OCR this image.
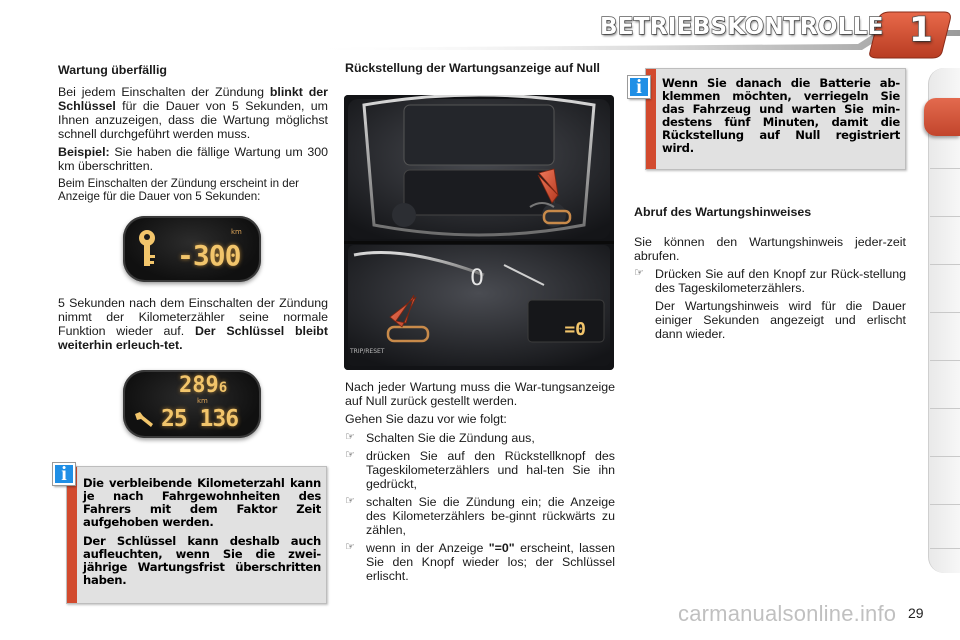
BETRIEBSKONTROLLE 1
Wartung überfällig
Bei jedem Einschalten der Zündung blinkt der Schlüssel für die Dauer von 5 Sekunden, um Ihnen anzuzeigen, dass die Wartung möglichst schnell durchgeführt werden muss.
Beispiel: Sie haben die fällige Wartung um 300 km überschritten.
Beim Einschalten der Zündung erscheint in der Anzeige für die Dauer von 5 Sekunden:
km
-300
5 Sekunden nach dem Einschalten der Zündung nimmt der Kilometerzähler seine normale Funktion wieder auf. Der Schlüssel bleibt weiterhin erleuch-tet.
2896
km
25 136

Die verbleibende Kilometerzahl kann je nach Fahrgewohnheiten des Fahrers mit dem Faktor Zeit aufgehoben werden.

Der Schlüssel kann deshalb auch aufleuchten, wenn Sie die zwei-jährige Wartungsfrist überschritten haben.

i
Rückstellung der Wartungsanzeige auf Null
0
=0
TRIP/RESET
Nach jeder Wartung muss die War-tungsanzeige auf Null zurück gestellt werden.
Gehen Sie dazu vor wie folgt:
☞ Schalten Sie die Zündung aus,
☞ drücken Sie auf den Rückstellknopf des Tageskilometerzählers und hal-ten Sie ihn gedrückt,
☞ schalten Sie die Zündung ein; die Anzeige des Kilometerzählers be-ginnt rückwärts zu zählen,
☞ wenn in der Anzeige "=0" erscheint, lassen Sie den Knopf wieder los; der Schlüssel erlischt.
Wenn Sie danach die Batterie ab-klemmen möchten, verriegeln Sie das Fahrzeug und warten Sie min-destens fünf Minuten, damit die Rückstellung auf Null registriert wird.
i
Abruf des Wartungshinweises
Sie können den Wartungshinweis jeder-zeit abrufen.
☞ Drücken Sie auf den Knopf zur Rück-stellung des Tageskilometerzählers.
Der Wartungshinweis wird für die Dauer einiger Sekunden angezeigt und erlischt dann wieder.
carmanualsonline.info 29
